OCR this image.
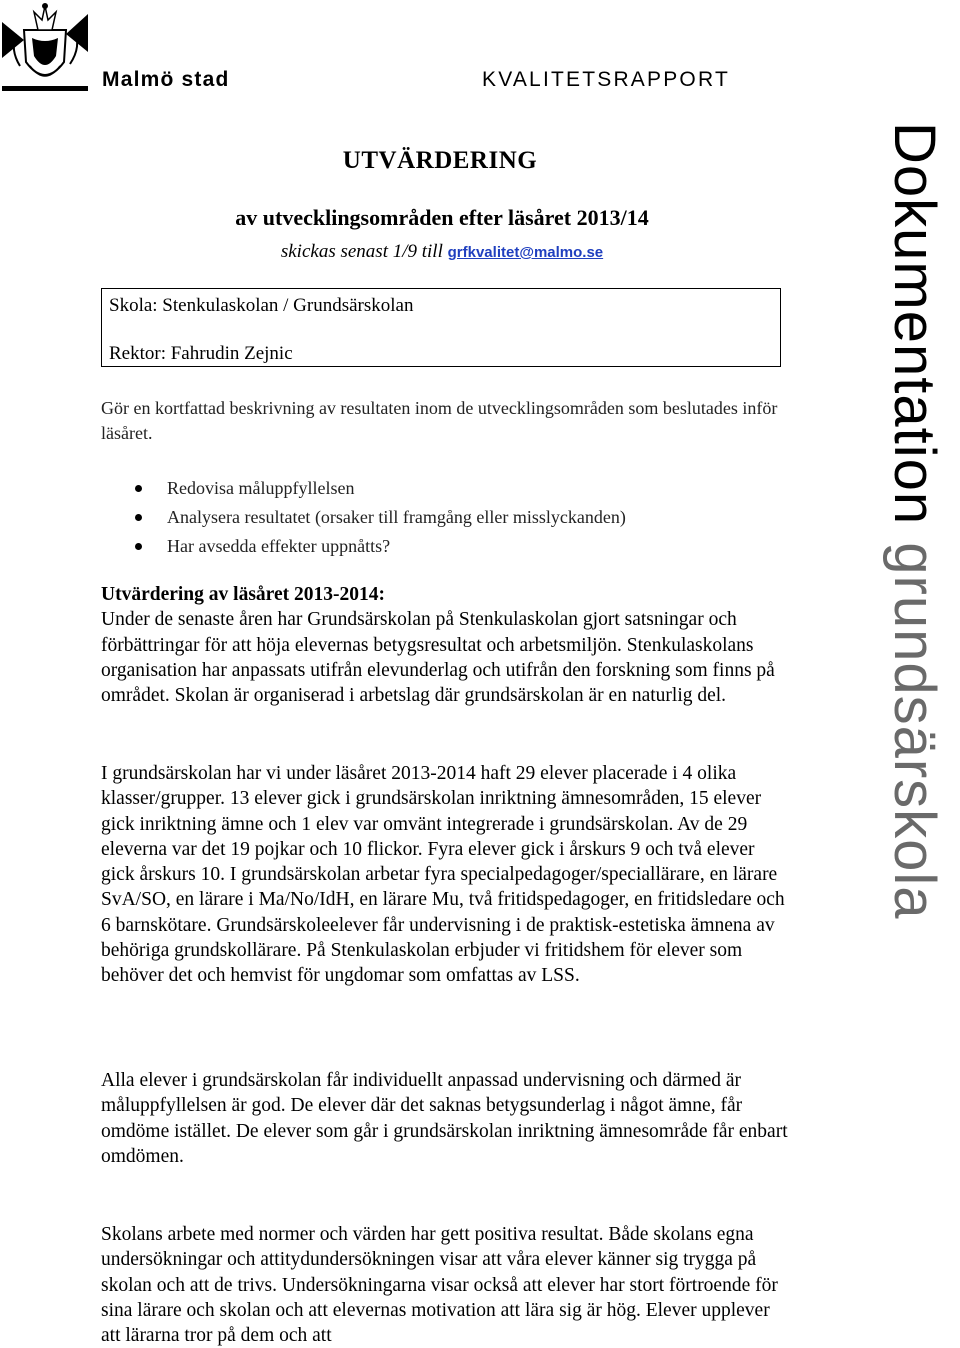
Malmö stad	KVALITETSRAPPORT
UTVÄRDERING
av utvecklingsområden efter läsåret 2013/14
skickas senast 1/9 till grfkvalitet@malmo.se
Skola: Stenkulaskolan / Grundsärskolan
Rektor: Fahrudin Zejnic
Gör en kortfattad beskrivning av resultaten inom de utvecklingsområden som beslutades inför läsåret.
Redovisa måluppfyllelsen
Analysera resultatet (orsaker till framgång eller misslyckanden)
Har avsedda effekter uppnåtts?
Utvärdering av läsåret 2013-2014:
Under de senaste åren har Grundsärskolan på Stenkulaskolan gjort satsningar och förbättringar för att höja elevernas betygsresultat och arbetsmiljön. Stenkulaskolans organisation har anpassats utifrån elevunderlag och utifrån den forskning som finns på området. Skolan är organiserad i arbetslag där grundsärskolan är en naturlig del.
I grundsärskolan har vi under läsåret 2013-2014 haft 29 elever placerade i 4 olika klasser/grupper. 13 elever gick i grundsärskolan inriktning ämnesområden, 15 elever gick inriktning ämne och 1 elev var omvänt integrerade i grundsärskolan. Av de 29 eleverna var det 19 pojkar och 10 flickor. Fyra elever gick i årskurs 9 och två elever gick årskurs 10. I grundsärskolan arbetar fyra specialpedagoger/speciallärare, en lärare SvA/SO, en lärare i Ma/No/IdH, en lärare Mu, två fritidspedagoger, en fritidsledare och 6 barnskötare. Grundsärskoleelever får undervisning i de praktisk-estetiska ämnena av behöriga grundskollärare. På Stenkulaskolan erbjuder vi fritidshem för elever som behöver det och hemvist för ungdomar som omfattas av LSS.
Alla elever i grundsärskolan får individuellt anpassad undervisning och därmed är måluppfyllelsen är god. De elever där det saknas betygsunderlag i något ämne, får omdöme istället. De elever som går i grundsärskolan inriktning ämnesområde får enbart omdömen.
Skolans arbete med normer och värden har gett positiva resultat. Både skolans egna undersökningar och attitydundersökningen visar att våra elever känner sig trygga på skolan och att de trivs. Undersökningarna visar också att elever har stort förtroende för sina lärare och skolan och att elevernas motivation att lära sig är hög. Elever upplever att lärarna tror på dem och att
Dokumentation grundsärskola
